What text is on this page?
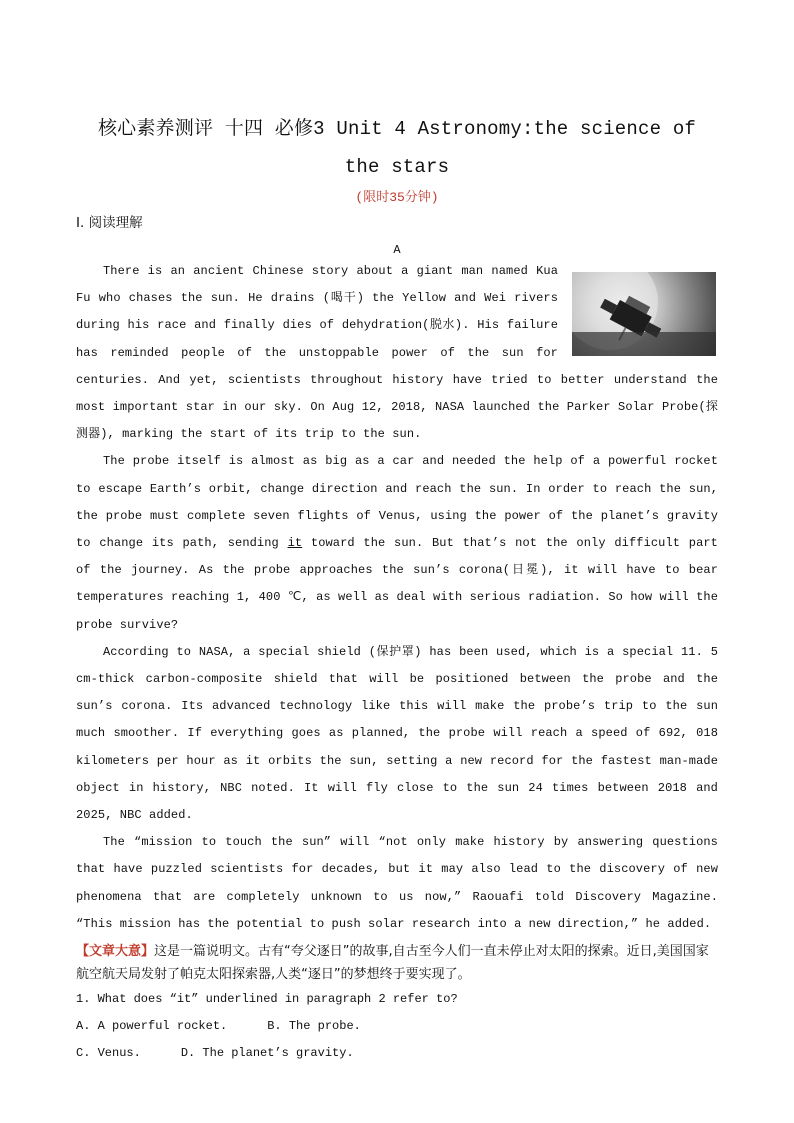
核心素养测评 十四 必修3 Unit 4 Astronomy:the science of
the stars
(限时35分钟)
Ⅰ. 阅读理解
A

There is an ancient Chinese story about a giant man named Kua Fu who chases the sun. He drains (喝干) the Yellow and Wei rivers during his race and finally dies of dehydration(脱水). His failure has reminded people of the unstoppable power of the sun for centuries. And yet, scientists throughout history have tried to better understand the most important star in our sky. On Aug 12, 2018, NASA launched the Parker Solar Probe(探测器), marking the start of its trip to the sun.

The probe itself is almost as big as a car and needed the help of a powerful rocket to escape Earth’s orbit, change direction and reach the sun. In order to reach the sun, the probe must complete seven flights of Venus, using the power of the planet’s gravity to change its path, sending it toward the sun. But that’s not the only difficult part of the journey. As the probe approaches the sun’s corona(日冕), it will have to bear temperatures reaching 1, 400 ℃, as well as deal with serious radiation. So how will the probe survive?

According to NASA, a special shield (保护罩) has been used, which is a special 11. 5 cm-thick carbon-composite shield that will be positioned between the probe and the sun’s corona. Its advanced technology like this will make the probe’s trip to the sun much smoother. If everything goes as planned, the probe will reach a speed of 692, 018 kilometers per hour as it orbits the sun, setting a new record for the fastest man-made object in history, NBC noted. It will fly close to the sun 24 times between 2018 and 2025, NBC added.

The “mission to touch the sun” will “not only make history by answering questions that have puzzled scientists for decades, but it may also lead to the discovery of new phenomena that are completely unknown to us now,” Raouafi told Discovery Magazine. “This mission has the potential to push solar research into a new direction,” he added.

【文章大意】这是一篇说明文。古有“夸父逐日”的故事,自古至今人们一直未停止对太阳的探索。近日,美国国家航空航天局发射了帕克太阳探索器,人类“逐日”的梦想终于要实现了。

1. What does “it” underlined in paragraph 2 refer to?

A. A powerful rocket.	B. The probe.

C. Venus.	D. The planet’s gravity.
